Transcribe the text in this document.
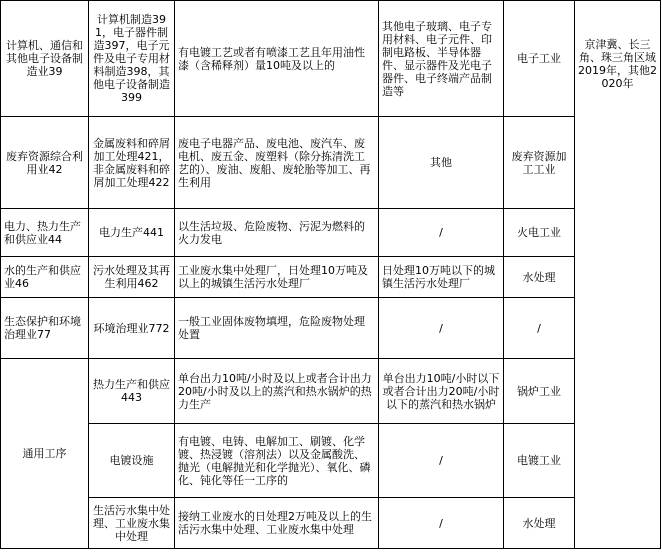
计算机、通信和其他电子设备制造业39	计算机制造391，电子器件制造397，电子元件及电子专用材料制造398，其他电子设备制造399	有电镀工艺或者有喷漆工艺且年用油性漆（含稀释剂）量10吨及以上的	其他电子玻璃、电子专用材料、电子元件、印制电路板、半导体器件、显示器件及光电子器件、电子终端产品制造等	电子工业	京津冀、长三角、珠三角区域2019年，其他2020年
废弃资源综合利用业42	金属废料和碎屑加工处理421，非金属废料和碎屑加工处理422	废电子电器产品、废电池、废汽车、废电机、废五金、废塑料（除分拣清洗工艺的）、废油、废船、废轮胎等加工、再生利用	其他	废弃资源加工工业	
电力、热力生产和供应业44	电力生产441	以生活垃圾、危险废物、污泥为燃料的火力发电	/	火电工业	
水的生产和供应业46	污水处理及其再生利用462	工业废水集中处理厂，日处理10万吨及以上的城镇生活污水处理厂	日处理10万吨以下的城镇生活污水处理厂	水处理	
生态保护和环境治理业77	环境治理业772	一般工业固体废物填埋，危险废物处理处置	/	/	
通用工序	热力生产和供应443	单台出力10吨/小时及以上或者合计出力20吨/小时及以上的蒸汽和热水锅炉的热力生产	单台出力10吨/小时以下或者合计出力20吨/小时以下的蒸汽和热水锅炉	锅炉工业	
	电镀设施	有电镀、电铸、电解加工、刷镀、化学镀、热浸镀（溶剂法）以及金属酸洗、抛光（电解抛光和化学抛光）、氧化、磷化、钝化等任一工序的	/	电镀工业	
	生活污水集中处理、工业废水集中处理	接纳工业废水的日处理2万吨及以上的生活污水集中处理、工业废水集中处理	/	水处理	
